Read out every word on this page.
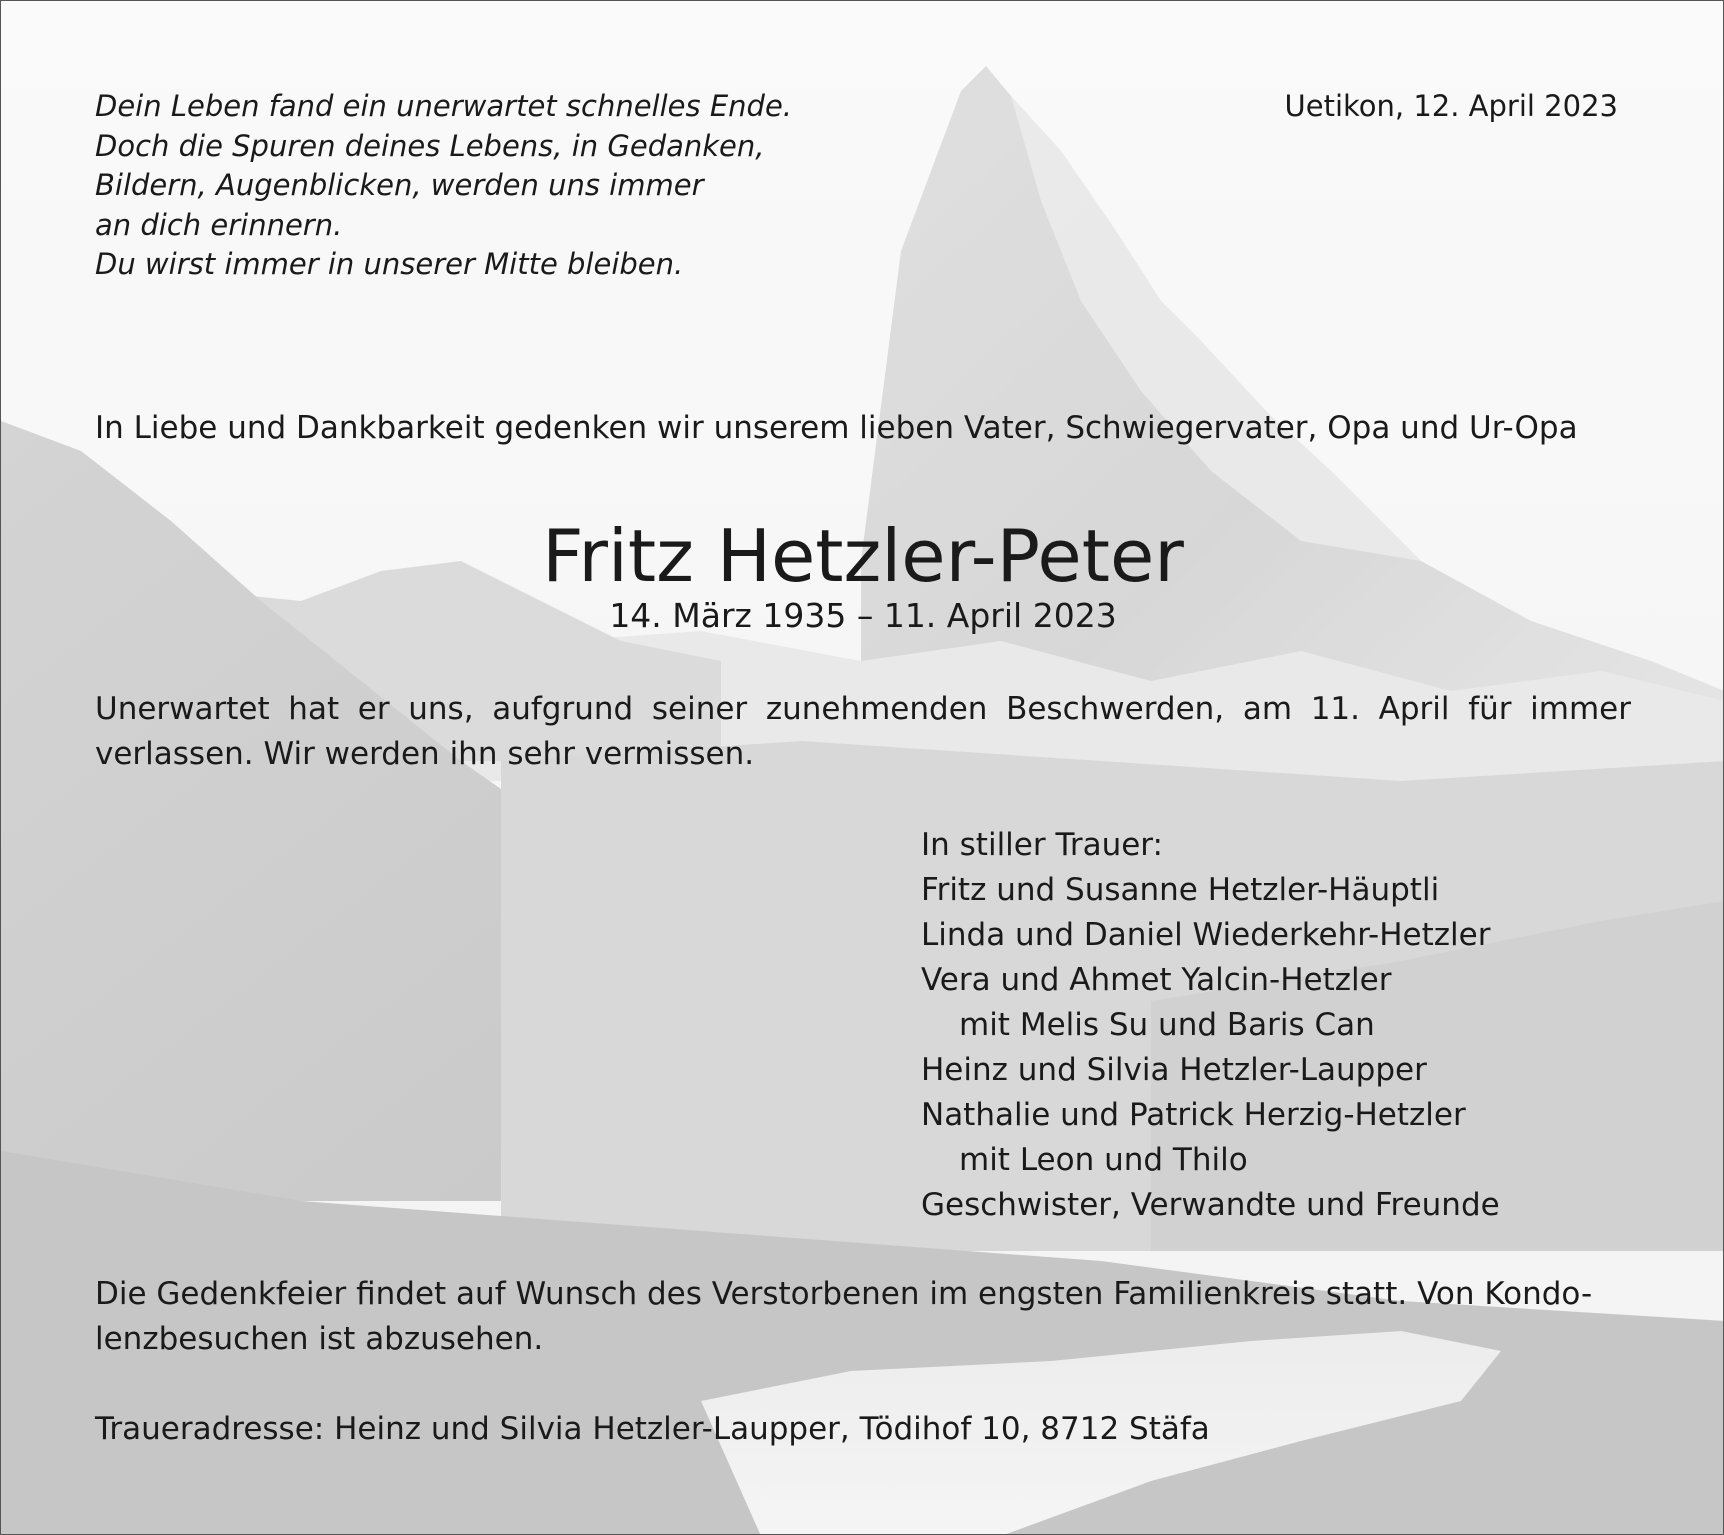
Dein Leben fand ein unerwartet schnelles Ende.
Doch die Spuren deines Lebens, in Gedanken,
Bildern, Augenblicken, werden uns immer
an dich erinnern.
Du wirst immer in unserer Mitte bleiben.
Uetikon, 12. April 2023
In Liebe und Dankbarkeit gedenken wir unserem lieben Vater, Schwiegervater, Opa und Ur-Opa
Fritz Hetzler-Peter
14. März 1935 – 11. April 2023
Unerwartet hat er uns, aufgrund seiner zunehmenden Beschwerden, am 11. April für immer verlassen. Wir werden ihn sehr vermissen.
In stiller Trauer:
Fritz und Susanne Hetzler-Häuptli
Linda und Daniel Wiederkehr-Hetzler
Vera und Ahmet Yalcin-Hetzler
mit Melis Su und Baris Can
Heinz und Silvia Hetzler-Laupper
Nathalie und Patrick Herzig-Hetzler
mit Leon und Thilo
Geschwister, Verwandte und Freunde
Die Gedenkfeier findet auf Wunsch des Verstorbenen im engsten Familienkreis statt. Von Kondo-
lenzbesuchen ist abzusehen.
Traueradresse: Heinz und Silvia Hetzler-Laupper, Tödihof 10, 8712 Stäfa
